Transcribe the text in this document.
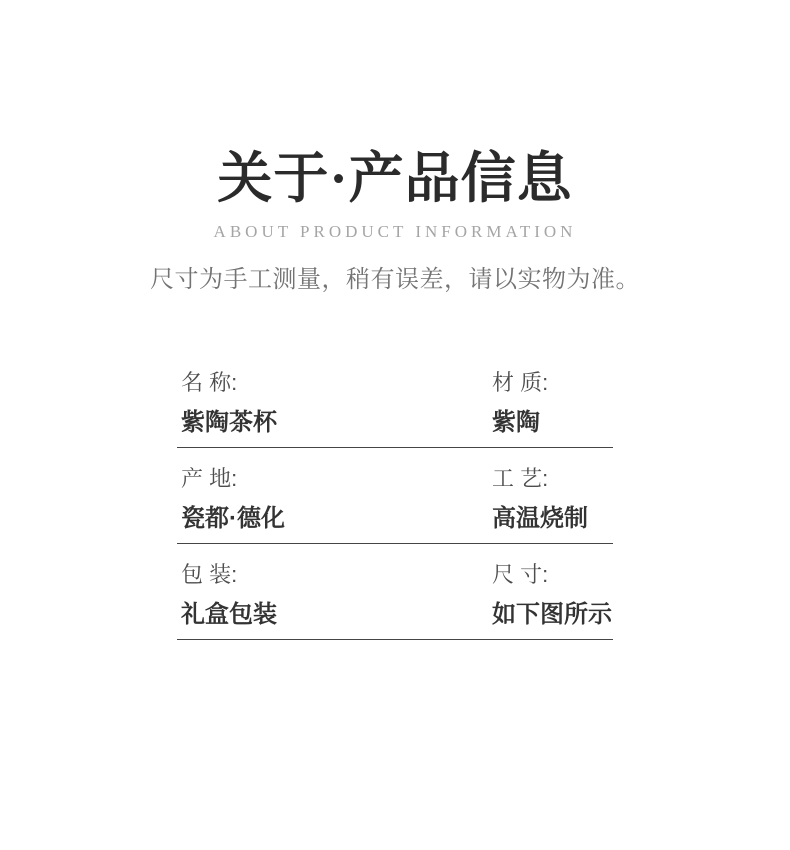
关于·产品信息
ABOUT PRODUCT INFORMATION

尺寸为手工测量，稍有误差，请以实物为准。

名 称:
紫陶茶杯
材 质:
紫陶
产 地:
瓷都·德化
工 艺:
高温烧制
包 装:
礼盒包装
尺 寸:
如下图所示
